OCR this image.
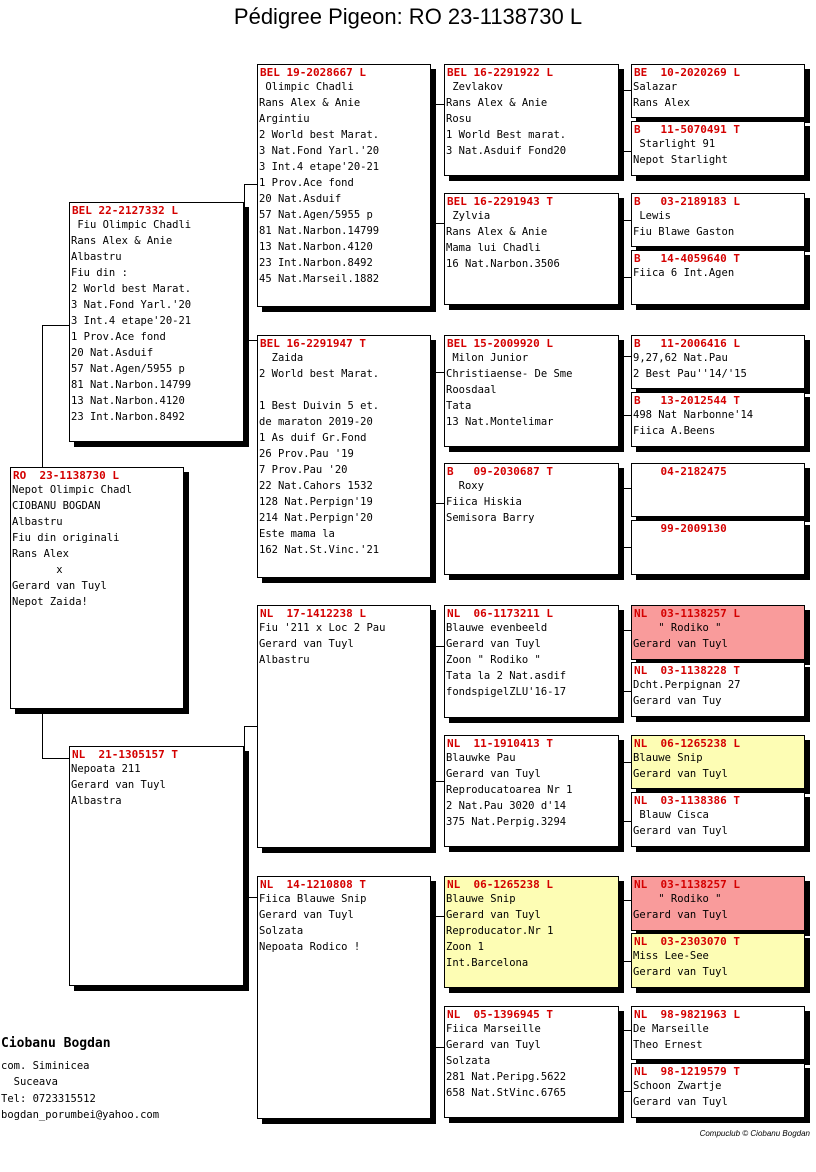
Pédigree Pigeon: RO 23-1138730 L
RO  23-1138730 L
Nepot Olimpic Chadl
CIOBANU BOGDAN
Albastru
Fiu din originali
Rans Alex
x
Gerard van Tuyl
Nepot Zaida!
BEL 22-2127332 L
Fiu Olimpic Chadli
Rans Alex & Anie
Albastru
Fiu din :
2 World best Marat.
3 Nat.Fond Yarl.'20
3 Int.4 etape'20-21
1 Prov.Ace fond
20 Nat.Asduif
57 Nat.Agen/5955 p
81 Nat.Narbon.14799
13 Nat.Narbon.4120
23 Int.Narbon.8492
NL  21-1305157 T
Nepoata 211
Gerard van Tuyl
Albastra
BEL 19-2028667 L
Olimpic Chadli
Rans Alex & Anie
Argintiu
2 World best Marat.
3 Nat.Fond Yarl.'20
3 Int.4 etape'20-21
1 Prov.Ace fond
20 Nat.Asduif
57 Nat.Agen/5955 p
81 Nat.Narbon.14799
13 Nat.Narbon.4120
23 Int.Narbon.8492
45 Nat.Marseil.1882
BEL 16-2291947 T
Zaida
2 World best Marat.

1 Best Duivin 5 et.
de maraton 2019-20
1 As duif Gr.Fond
26 Prov.Pau '19
7 Prov.Pau '20
22 Nat.Cahors 1532
128 Nat.Perpign'19
214 Nat.Perpign'20
Este mama la
162 Nat.St.Vinc.'21
NL  17-1412238 L
Fiu '211 x Loc 2 Pau
Gerard van Tuyl
Albastru
NL  14-1210808 T
Fiica Blauwe Snip
Gerard van Tuyl
Solzata
Nepoata Rodico !
BEL 16-2291922 L
Zevlakov
Rans Alex & Anie
Rosu
1 World Best marat.
3 Nat.Asduif Fond20
BEL 16-2291943 T
Zylvia
Rans Alex & Anie
Mama lui Chadli
16 Nat.Narbon.3506
BEL 15-2009920 L
Milon Junior
Christiaense- De Sme
Roosdaal
Tata
13 Nat.Montelimar
B   09-2030687 T
Roxy
Fiica Hiskia
Semisora Barry
NL  06-1173211 L
Blauwe evenbeeld
Gerard van Tuyl
Zoon " Rodiko "
Tata la 2 Nat.asdif
fondspigelZLU'16-17
NL  11-1910413 T
Blauwke Pau
Gerard van Tuyl
Reproducatoarea Nr 1
2 Nat.Pau 3020 d'14
375 Nat.Perpig.3294
NL  06-1265238 L
Blauwe Snip
Gerard van Tuyl
Reproducator.Nr 1
Zoon 1
Int.Barcelona
NL  05-1396945 T
Fiica Marseille
Gerard van Tuyl
Solzata
281 Nat.Peripg.5622
658 Nat.StVinc.6765
BE  10-2020269 L
Salazar
Rans Alex
B   11-5070491 T
Starlight 91
Nepot Starlight
B   03-2189183 L
Lewis
Fiu Blawe Gaston
B   14-4059640 T
Fiica 6 Int.Agen
B   11-2006416 L
9,27,62 Nat.Pau
2 Best Pau''14/'15
B   13-2012544 T
498 Nat Narbonne'14
Fiica A.Beens
04-2182475
99-2009130
NL  03-1138257 L
" Rodiko "
Gerard van Tuyl
NL  03-1138228 T
Dcht.Perpignan 27
Gerard van Tuy
NL  06-1265238 L
Blauwe Snip
Gerard van Tuyl
NL  03-1138386 T
Blauw Cisca
Gerard van Tuyl
NL  03-1138257 L
" Rodiko "
Gerard van Tuyl
NL  03-2303070 T
Miss Lee-See
Gerard van Tuyl
NL  98-9821963 L
De Marseille
Theo Ernest
NL  98-1219579 T
Schoon Zwartje
Gerard van Tuyl
Ciobanu Bogdan
com. Siminicea
Suceava
Tel: 0723315512
bogdan_porumbei@yahoo.com
Compuclub © Ciobanu Bogdan
